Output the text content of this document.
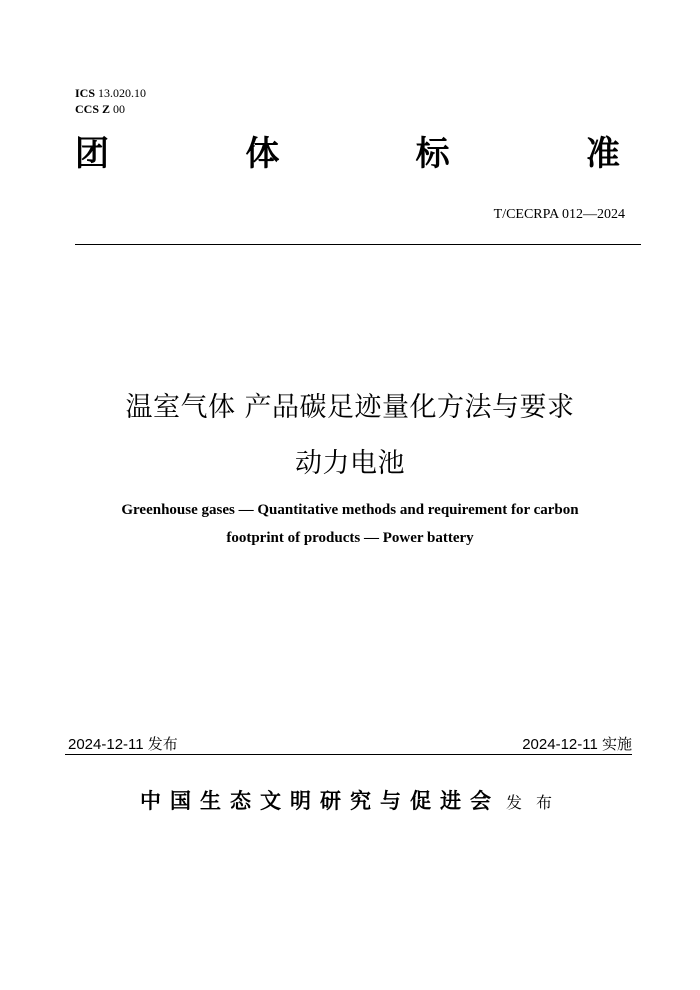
ICS 13.020.10
CCS Z 00
团	体	标	准
T/CECRPA 012—2024
温室气体 产品碳足迹量化方法与要求
动力电池
Greenhouse gases — Quantitative methods and requirement for carbon
footprint of products — Power battery
2024-12-11 发布	2024-12-11 实施
中国生态文明研究与促进会 发布
